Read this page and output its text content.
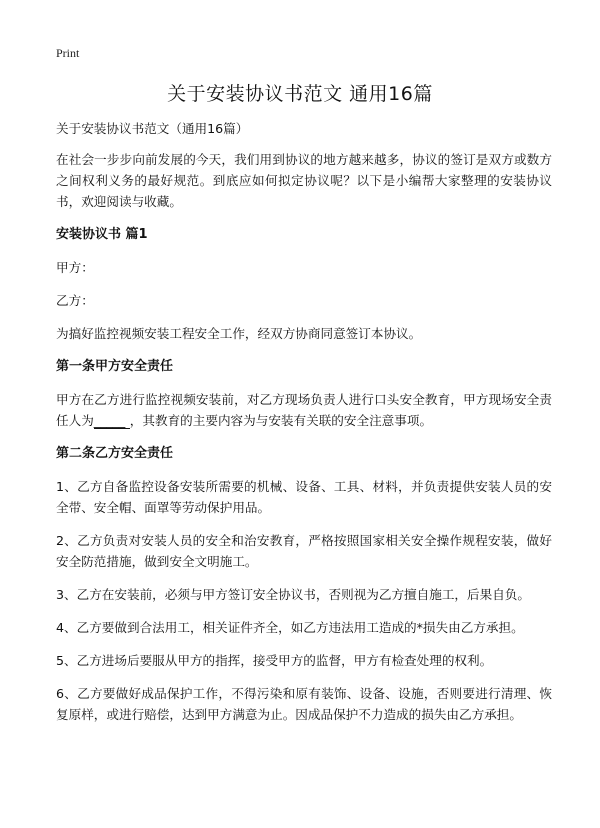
Print
关于安装协议书范文 通用16篇

关于安装协议书范文（通用16篇）

在社会一步步向前发展的今天，我们用到协议的地方越来越多，协议的签订是双方或数方之间权利义务的最好规范。到底应如何拟定协议呢？以下是小编帮大家整理的安装协议书，欢迎阅读与收藏。

安装协议书 篇1

甲方：

乙方：

为搞好监控视频安装工程安全工作，经双方协商同意签订本协议。

第一条甲方安全责任

甲方在乙方进行监控视频安装前，对乙方现场负责人进行口头安全教育，甲方现场安全责任人为_____ ，其教育的主要内容为与安装有关联的安全注意事项。

第二条乙方安全责任

1、乙方自备监控设备安装所需要的机械、设备、工具、材料，并负责提供安装人员的安全带、安全帽、面罩等劳动保护用品。

2、乙方负责对安装人员的安全和治安教育，严格按照国家相关安全操作规程安装，做好安全防范措施，做到安全文明施工。

3、乙方在安装前，必须与甲方签订安全协议书，否则视为乙方擅自施工，后果自负。

4、乙方要做到合法用工，相关证件齐全，如乙方违法用工造成的*损失由乙方承担。

5、乙方进场后要服从甲方的指挥，接受甲方的监督，甲方有检查处理的权利。

6、乙方要做好成品保护工作，不得污染和原有装饰、设备、设施，否则要进行清理、恢复原样，或进行赔偿，达到甲方满意为止。因成品保护不力造成的损失由乙方承担。
